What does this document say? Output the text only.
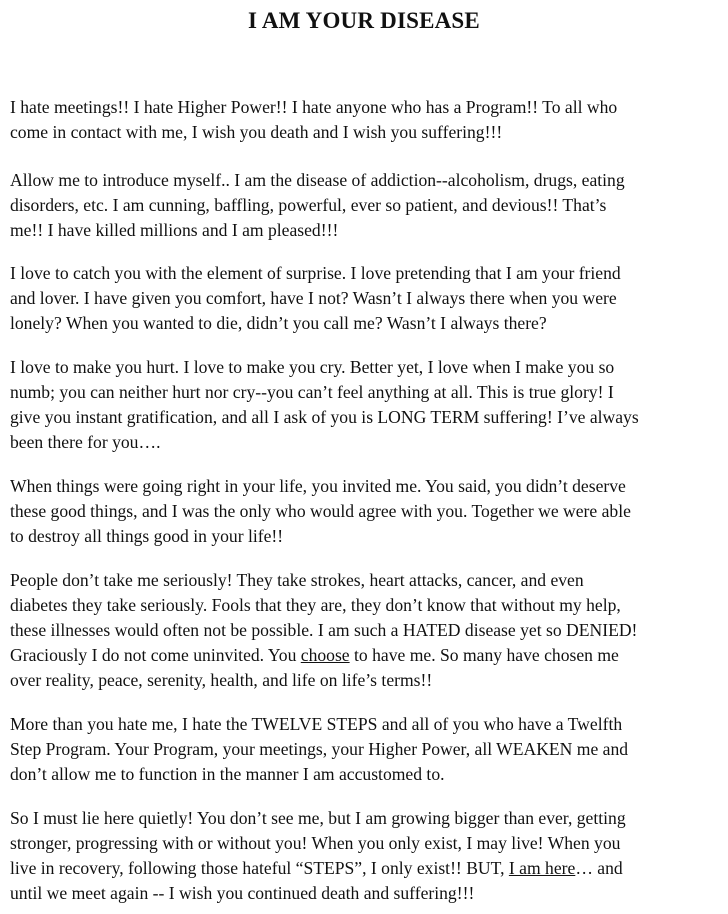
I AM YOUR DISEASE

I hate meetings!! I hate Higher Power!! I hate anyone who has a Program!! To all who
come in contact with me, I wish you death and I wish you suffering!!!

Allow me to introduce myself.. I am the disease of addiction--alcoholism, drugs, eating
disorders, etc. I am cunning, baffling, powerful, ever so patient, and devious!! That’s
me!! I have killed millions and I am pleased!!!

I love to catch you with the element of surprise. I love pretending that I am your friend
and lover. I have given you comfort, have I not? Wasn’t I always there when you were
lonely? When you wanted to die, didn’t you call me? Wasn’t I always there?

I love to make you hurt. I love to make you cry. Better yet, I love when I make you so
numb; you can neither hurt nor cry--you can’t feel anything at all. This is true glory! I
give you instant gratification, and all I ask of you is LONG TERM suffering! I’ve always
been there for you….

When things were going right in your life, you invited me. You said, you didn’t deserve
these good things, and I was the only who would agree with you. Together we were able
to destroy all things good in your life!!

People don’t take me seriously! They take strokes, heart attacks, cancer, and even
diabetes they take seriously. Fools that they are, they don’t know that without my help,
these illnesses would often not be possible. I am such a HATED disease yet so DENIED!
Graciously I do not come uninvited. You choose to have me. So many have chosen me
over reality, peace, serenity, health, and life on life’s terms!!

More than you hate me, I hate the TWELVE STEPS and all of you who have a Twelfth
Step Program. Your Program, your meetings, your Higher Power, all WEAKEN me and
don’t allow me to function in the manner I am accustomed to.

So I must lie here quietly! You don’t see me, but I am growing bigger than ever, getting
stronger, progressing with or without you! When you only exist, I may live! When you
live in recovery, following those hateful “STEPS”, I only exist!! BUT, I am here… and
until we meet again -- I wish you continued death and suffering!!!
